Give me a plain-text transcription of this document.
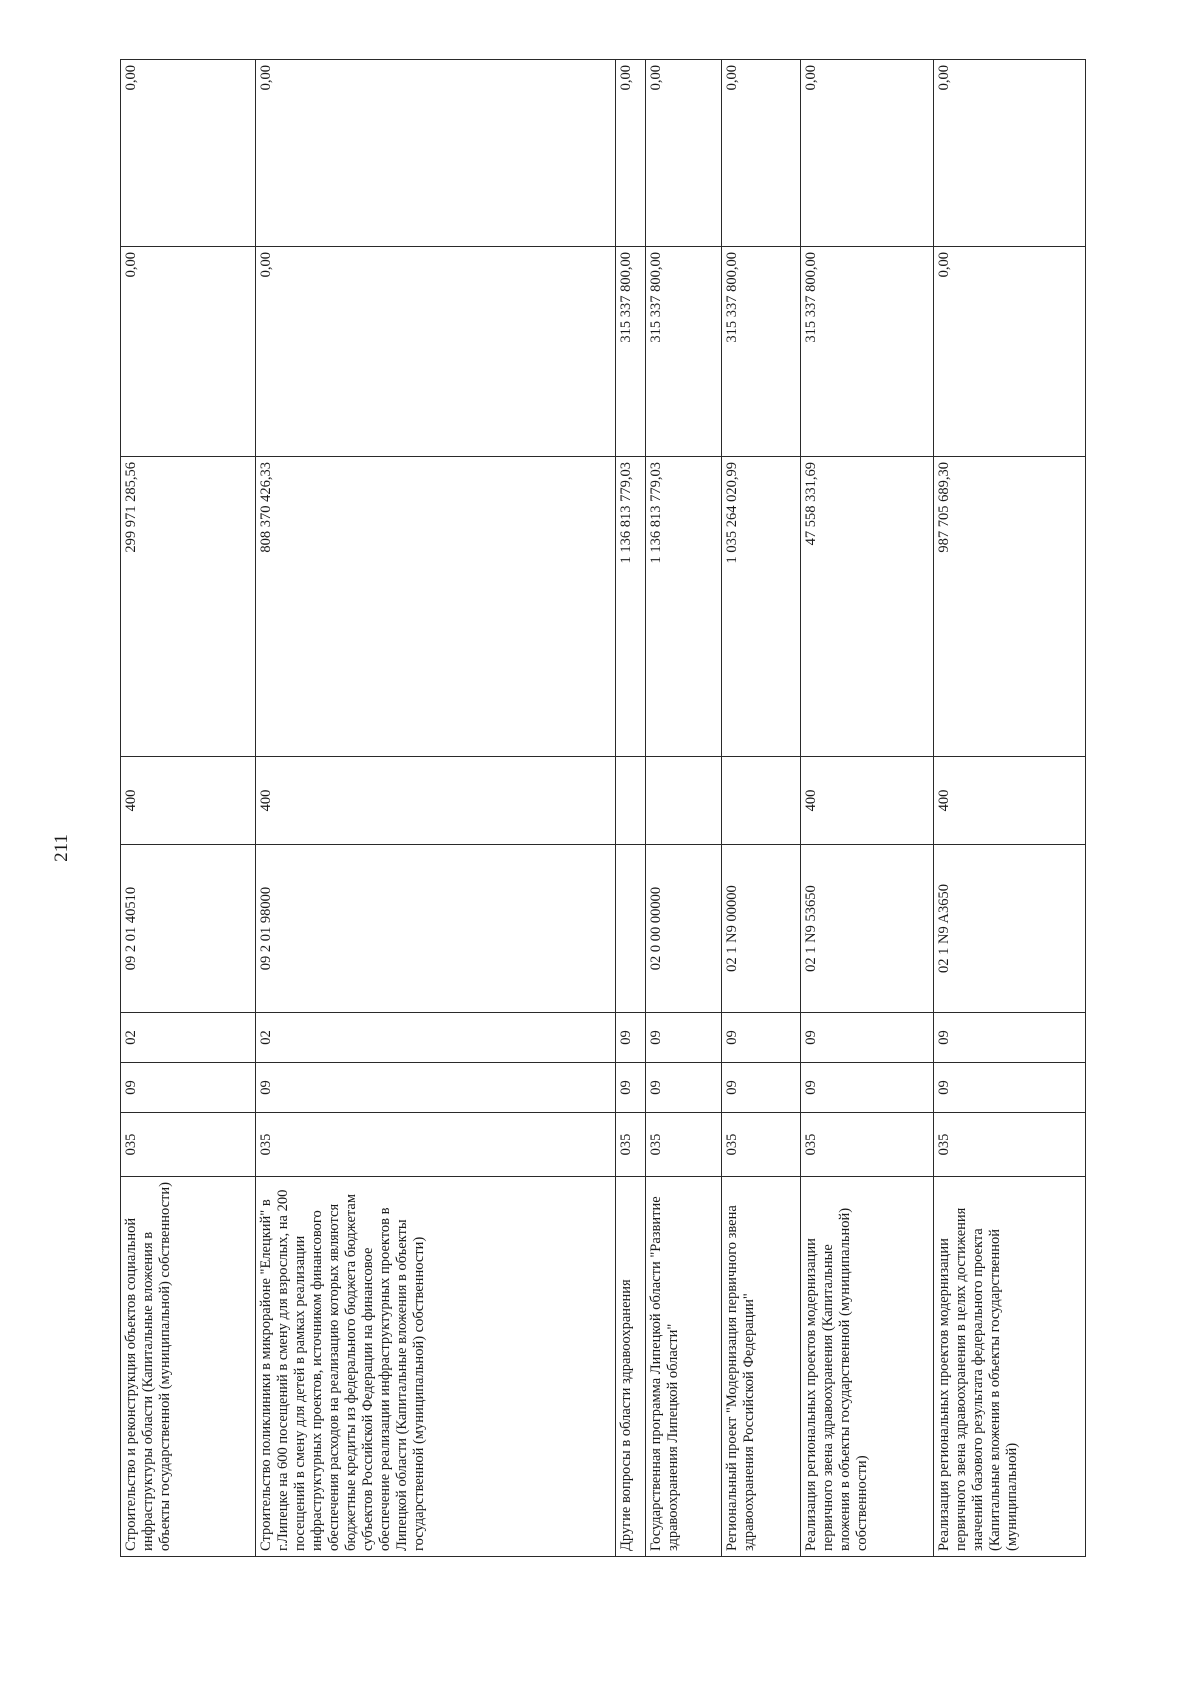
211
Строительство и реконструкция объектов социальной инфраструктуры области (Капитальные вложения в объекты государственной (муниципальной) собственности)	035	09	02	09 2 01 40510	400	299 971 285,56	0,00	0,00
Строительство поликлиники в микрорайоне "Елецкий" в г.Липецке на 600 посещений в смену для взрослых, на 200 посещений в смену для детей в рамках реализации инфраструктурных проектов, источником финансового обеспечения расходов на реализацию которых являются бюджетные кредиты из федерального бюджета бюджетам субъектов Российской Федерации на финансовое обеспечение реализации инфраструктурных проектов в Липецкой области (Капитальные вложения в объекты государственной (муниципальной) собственности)	035	09	02	09 2 01 98000	400	808 370 426,33	0,00	0,00
Другие вопросы в области здравоохранения	035	09	09			1 136 813 779,03	315 337 800,00	0,00
Государственная программа Липецкой области "Развитие здравоохранения Липецкой области"	035	09	09	02 0 00 00000		1 136 813 779,03	315 337 800,00	0,00
Региональный проект "Модернизация первичного звена здравоохранения Российской Федерации"	035	09	09	02 1 N9 00000		1 035 264 020,99	315 337 800,00	0,00
Реализация региональных проектов модернизации первичного звена здравоохранения (Капитальные вложения в объекты государственной (муниципальной) собственности)	035	09	09	02 1 N9 53650	400	47 558 331,69	315 337 800,00	0,00
Реализация региональных проектов модернизации первичного звена здравоохранения в целях достижения значений базового результата федерального проекта (Капитальные вложения в объекты государственной (муниципальной)	035	09	09	02 1 N9 A3650	400	987 705 689,30	0,00	0,00
